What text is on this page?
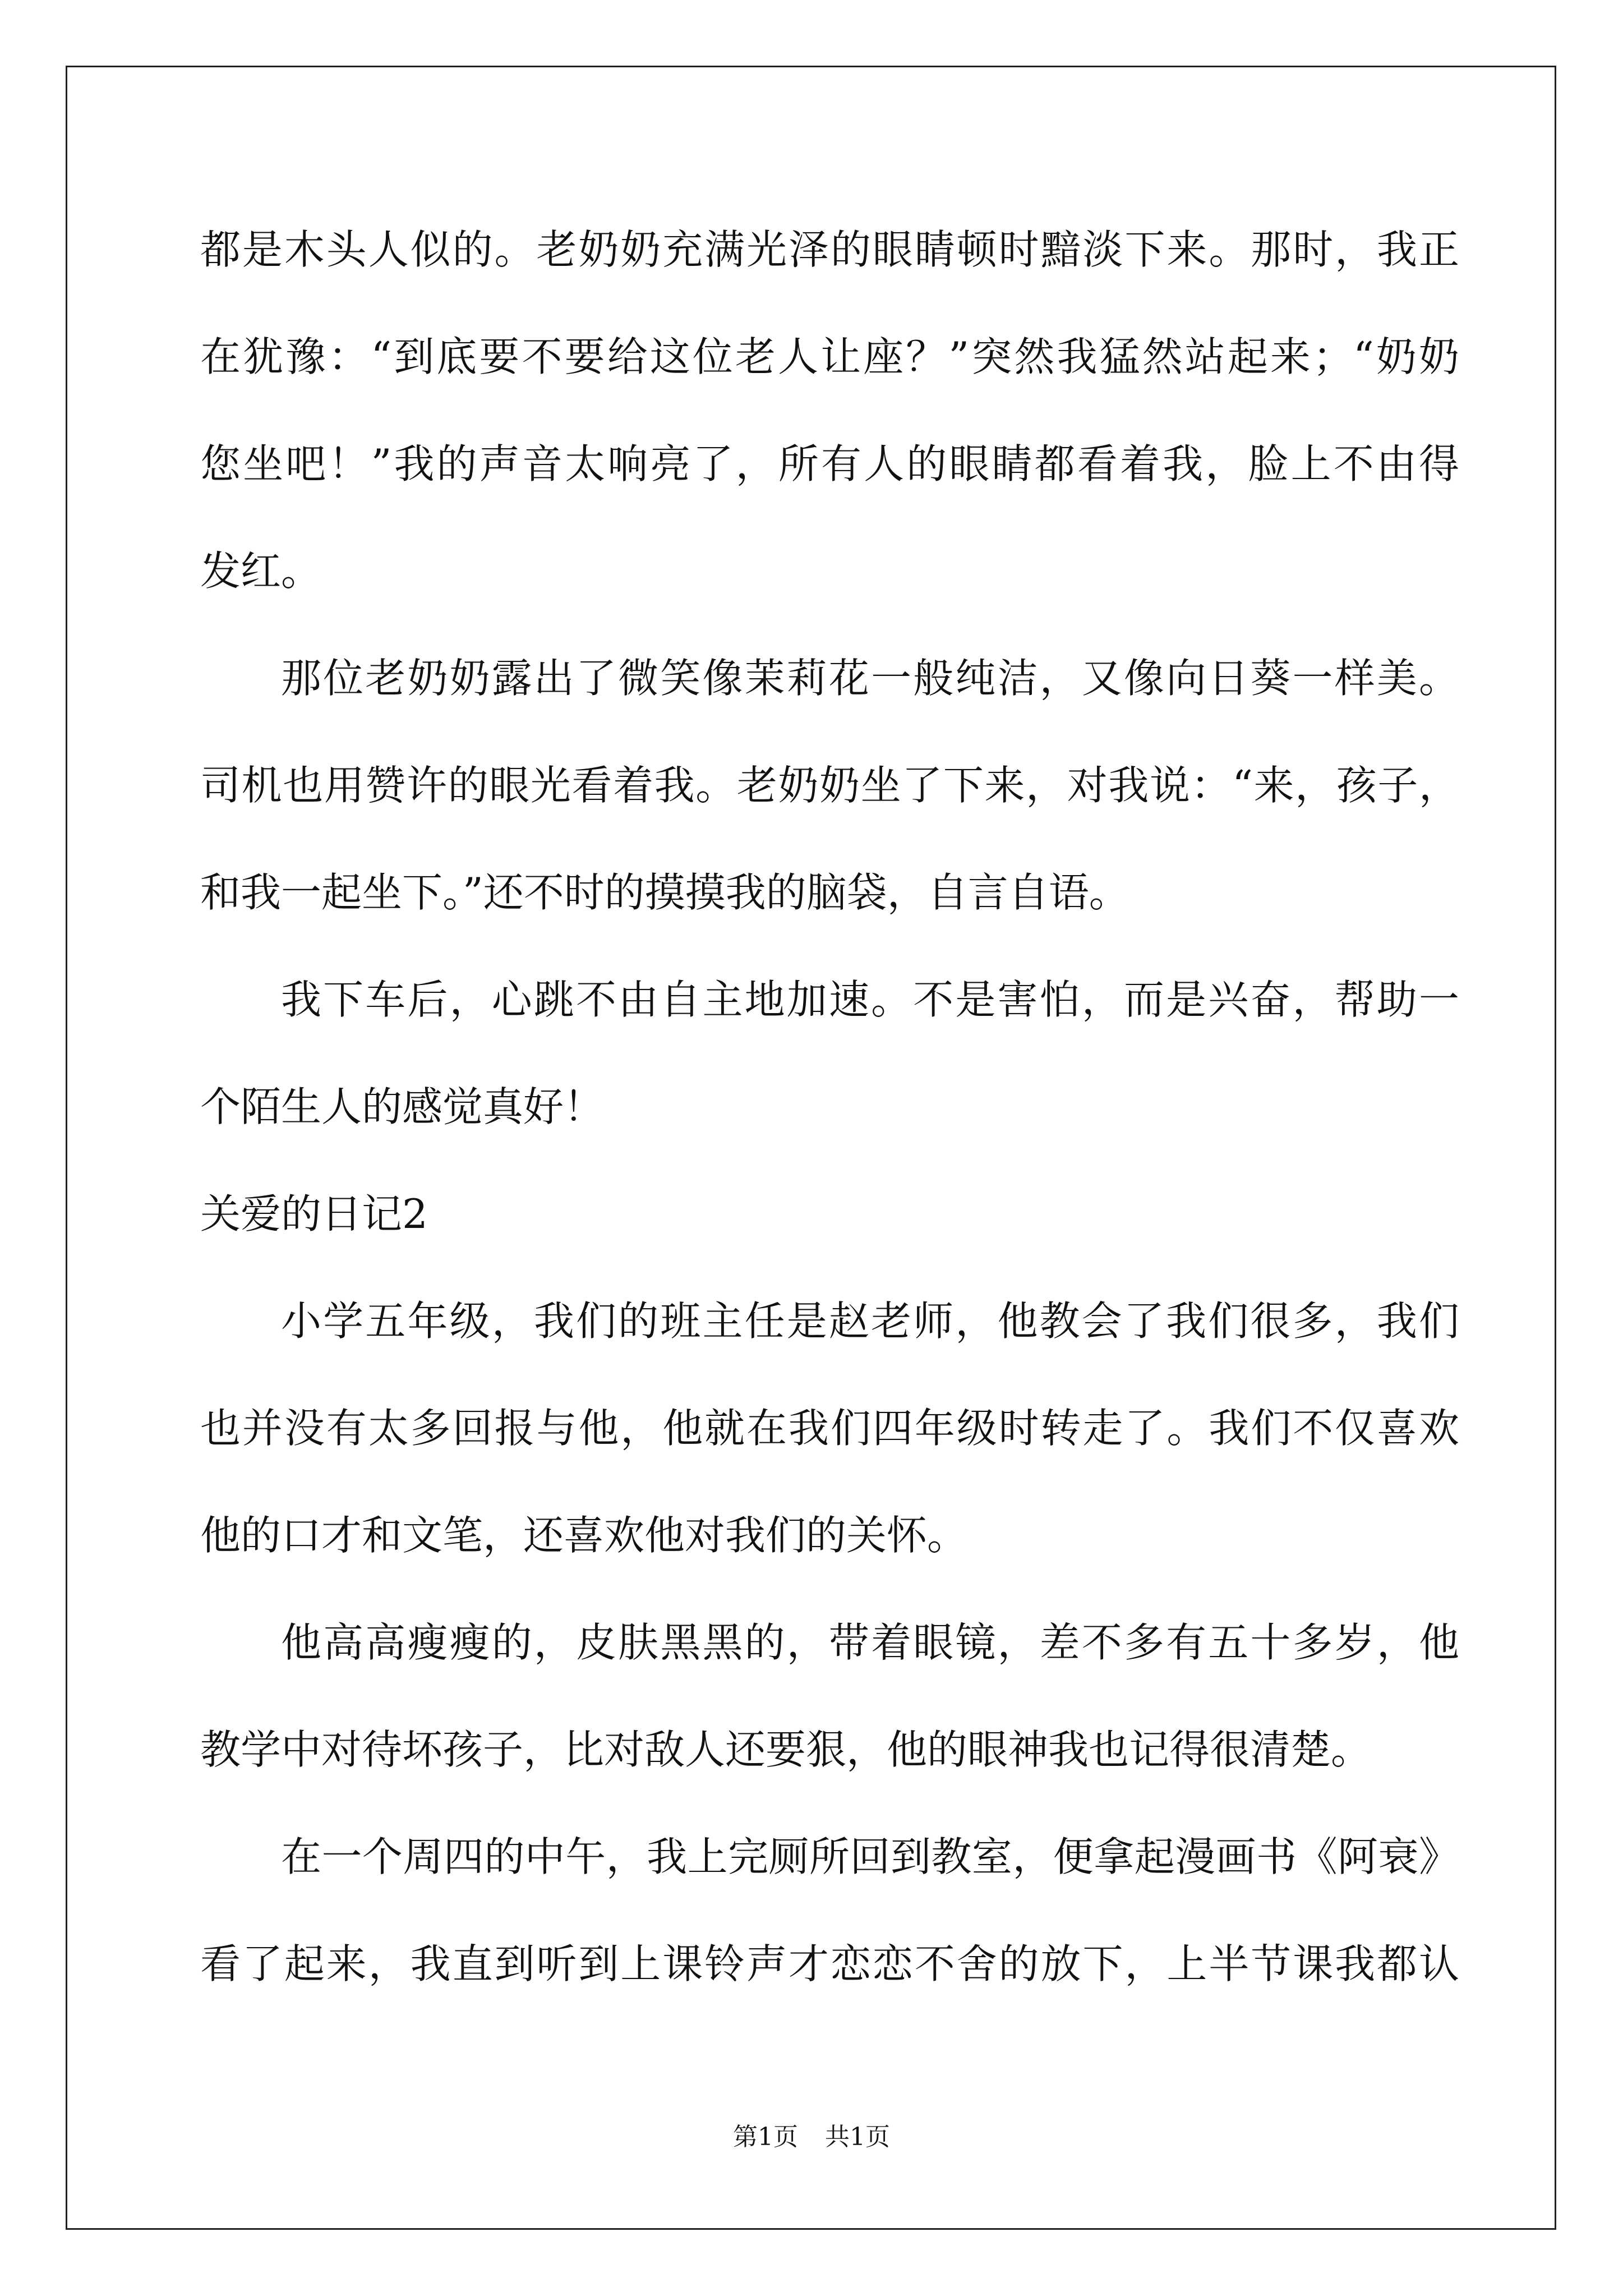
都是木头人似的。老奶奶充满光泽的眼睛顿时黯淡下来。那时，我正
在犹豫：“到底要不要给这位老人让座？”突然我猛然站起来；“奶奶
您坐吧！”我的声音太响亮了，所有人的眼睛都看着我，脸上不由得
发红。
那位老奶奶露出了微笑像茉莉花一般纯洁，又像向日葵一样美。
司机也用赞许的眼光看着我。老奶奶坐了下来，对我说：“来，孩子，
和我一起坐下。”还不时的摸摸我的脑袋，自言自语。
我下车后，心跳不由自主地加速。不是害怕，而是兴奋，帮助一
个陌生人的感觉真好！
关爱的日记2
小学五年级，我们的班主任是赵老师，他教会了我们很多，我们
也并没有太多回报与他，他就在我们四年级时转走了。我们不仅喜欢
他的口才和文笔，还喜欢他对我们的关怀。
他高高瘦瘦的，皮肤黑黑的，带着眼镜，差不多有五十多岁，他
教学中对待坏孩子，比对敌人还要狠，他的眼神我也记得很清楚。
在一个周四的中午，我上完厕所回到教室，便拿起漫画书《阿衰》
看了起来，我直到听到上课铃声才恋恋不舍的放下，上半节课我都认
第1页 共1页
